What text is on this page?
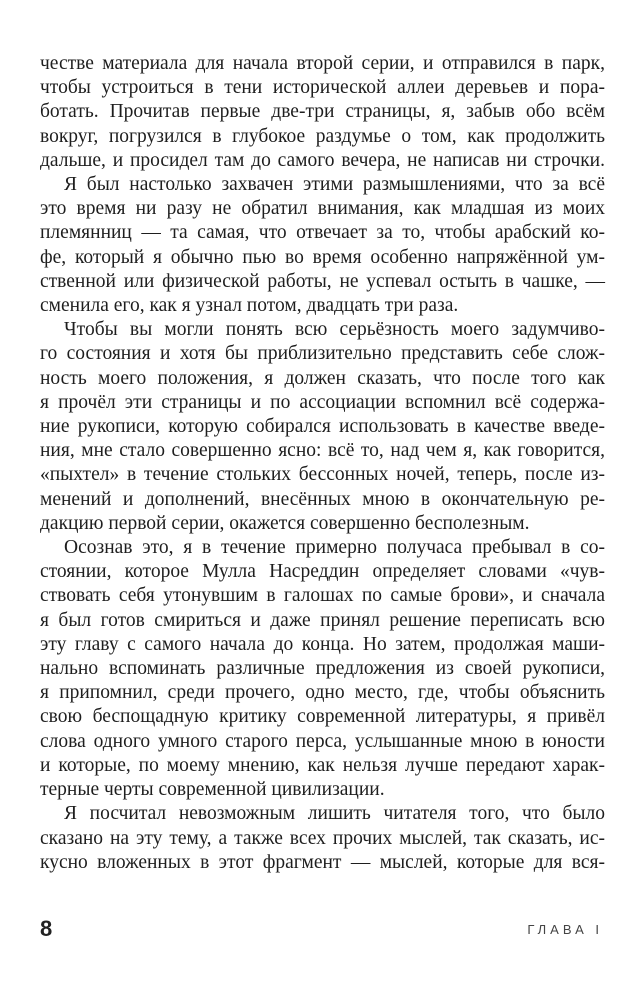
честве материала для начала второй серии, и отправился в парк,
чтобы устроиться в тени исторической аллеи деревьев и пора-
ботать. Прочитав первые две-три страницы, я, забыв обо всём
вокруг, погрузился в глубокое раздумье о том, как продолжить
дальше, и просидел там до самого вечера, не написав ни строчки.
Я был настолько захвачен этими размышлениями, что за всё
это время ни разу не обратил внимания, как младшая из моих
племянниц — та самая, что отвечает за то, чтобы арабский ко-
фе, который я обычно пью во время особенно напряжённой ум-
ственной или физической работы, не успевал остыть в чашке, —
сменила его, как я узнал потом, двадцать три раза.
Чтобы вы могли понять всю серьёзность моего задумчиво-
го состояния и хотя бы приблизительно представить себе слож-
ность моего положения, я должен сказать, что после того как
я прочёл эти страницы и по ассоциации вспомнил всё содержа-
ние рукописи, которую собирался использовать в качестве введе-
ния, мне стало совершенно ясно: всё то, над чем я, как говорится,
«пыхтел» в течение стольких бессонных ночей, теперь, после из-
менений и дополнений, внесённых мною в окончательную ре-
дакцию первой серии, окажется совершенно бесполезным.
Осознав это, я в течение примерно получаса пребывал в со-
стоянии, которое Мулла Насреддин определяет словами «чув-
ствовать себя утонувшим в галошах по самые брови», и сначала
я был готов смириться и даже принял решение переписать всю
эту главу с самого начала до конца. Но затем, продолжая маши-
нально вспоминать различные предложения из своей рукописи,
я припомнил, среди прочего, одно место, где, чтобы объяснить
свою беспощадную критику современной литературы, я привёл
слова одного умного старого перса, услышанные мною в юности
и которые, по моему мнению, как нельзя лучше передают харак-
терные черты современной цивилизации.
Я посчитал невозможным лишить читателя того, что было
сказано на эту тему, а также всех прочих мыслей, так сказать, ис-
кусно вложенных в этот фрагмент — мыслей, которые для вся-
8	ГЛАВА I
